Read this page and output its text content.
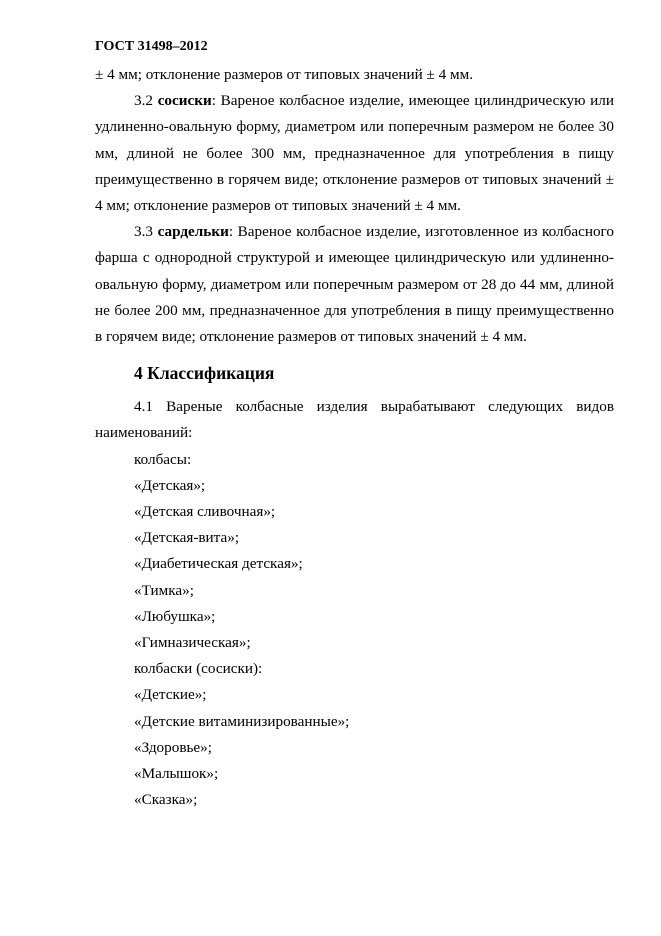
ГОСТ 31498–2012

± 4 мм; отклонение размеров от типовых значений ± 4 мм.

3.2 сосиски: Вареное колбасное изделие, имеющее цилиндрическую или удлиненно-овальную форму, диаметром или поперечным размером не более 30 мм, длиной не более 300 мм, предназначенное для употребления в пищу преимущественно в горячем виде; отклонение размеров от типовых значений ± 4 мм; отклонение размеров от типовых значений ± 4 мм.

3.3 сардельки: Вареное колбасное изделие, изготовленное из колбасного фарша с однородной структурой и имеющее цилиндрическую или удлиненно-овальную форму, диаметром или поперечным размером от 28 до 44 мм, длиной не более 200 мм, предназначенное для употребления в пищу преимущественно в горячем виде; отклонение размеров от типовых значений ± 4 мм.

4 Классификация

4.1 Вареные колбасные изделия вырабатывают следующих видов наименований:

колбасы:
«Детская»;
«Детская сливочная»;
«Детская-вита»;
«Диабетическая детская»;
«Тимка»;
«Любушка»;
«Гимназическая»;
колбаски (сосиски):
«Детские»;
«Детские витаминизированные»;
«Здоровье»;
«Малышок»;
«Сказка»;
